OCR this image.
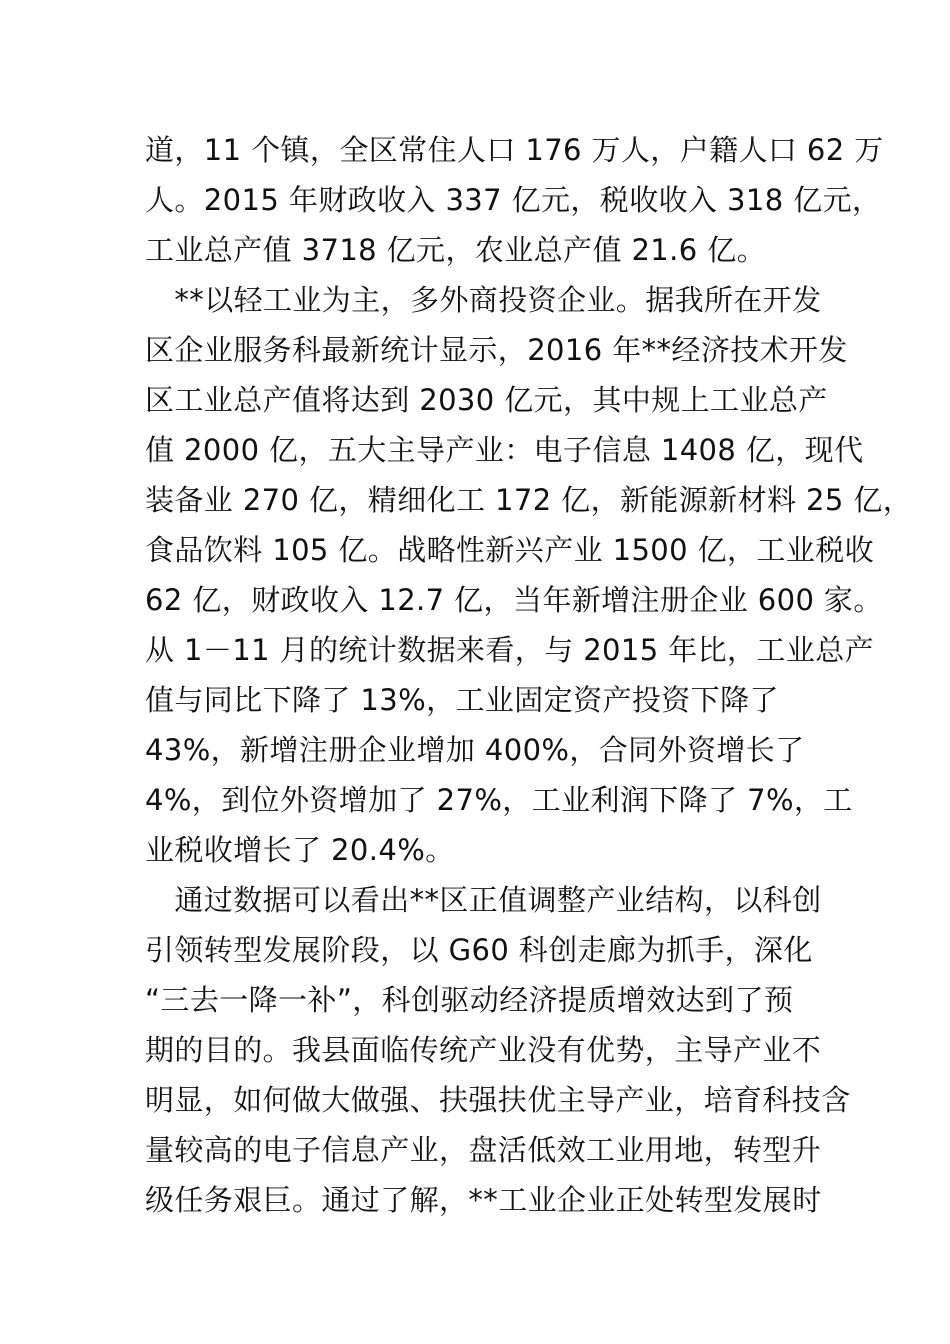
道，11 个镇，全区常住人口 176 万人，户籍人口 62 万
人。2015 年财政收入 337 亿元，税收收入 318 亿元，
工业总产值 3718 亿元，农业总产值 21.6 亿。
　**以轻工业为主，多外商投资企业。据我所在开发
区企业服务科最新统计显示，2016 年**经济技术开发
区工业总产值将达到 2030 亿元，其中规上工业总产
值 2000 亿，五大主导产业：电子信息 1408 亿，现代
装备业 270 亿，精细化工 172 亿，新能源新材料 25 亿，
食品饮料 105 亿。战略性新兴产业 1500 亿，工业税收
62 亿，财政收入 12.7 亿，当年新增注册企业 600 家。
从 1－11 月的统计数据来看，与 2015 年比，工业总产
值与同比下降了 13%，工业固定资产投资下降了
43%，新增注册企业增加 400%，合同外资增长了
4%，到位外资增加了 27%，工业利润下降了 7%，工
业税收增长了 20.4%。
　通过数据可以看出**区正值调整产业结构，以科创
引领转型发展阶段，以 G60 科创走廊为抓手，深化
“三去一降一补”，科创驱动经济提质增效达到了预
期的目的。我县面临传统产业没有优势，主导产业不
明显，如何做大做强、扶强扶优主导产业，培育科技含
量较高的电子信息产业，盘活低效工业用地，转型升
级任务艰巨。通过了解，**工业企业正处转型发展时
